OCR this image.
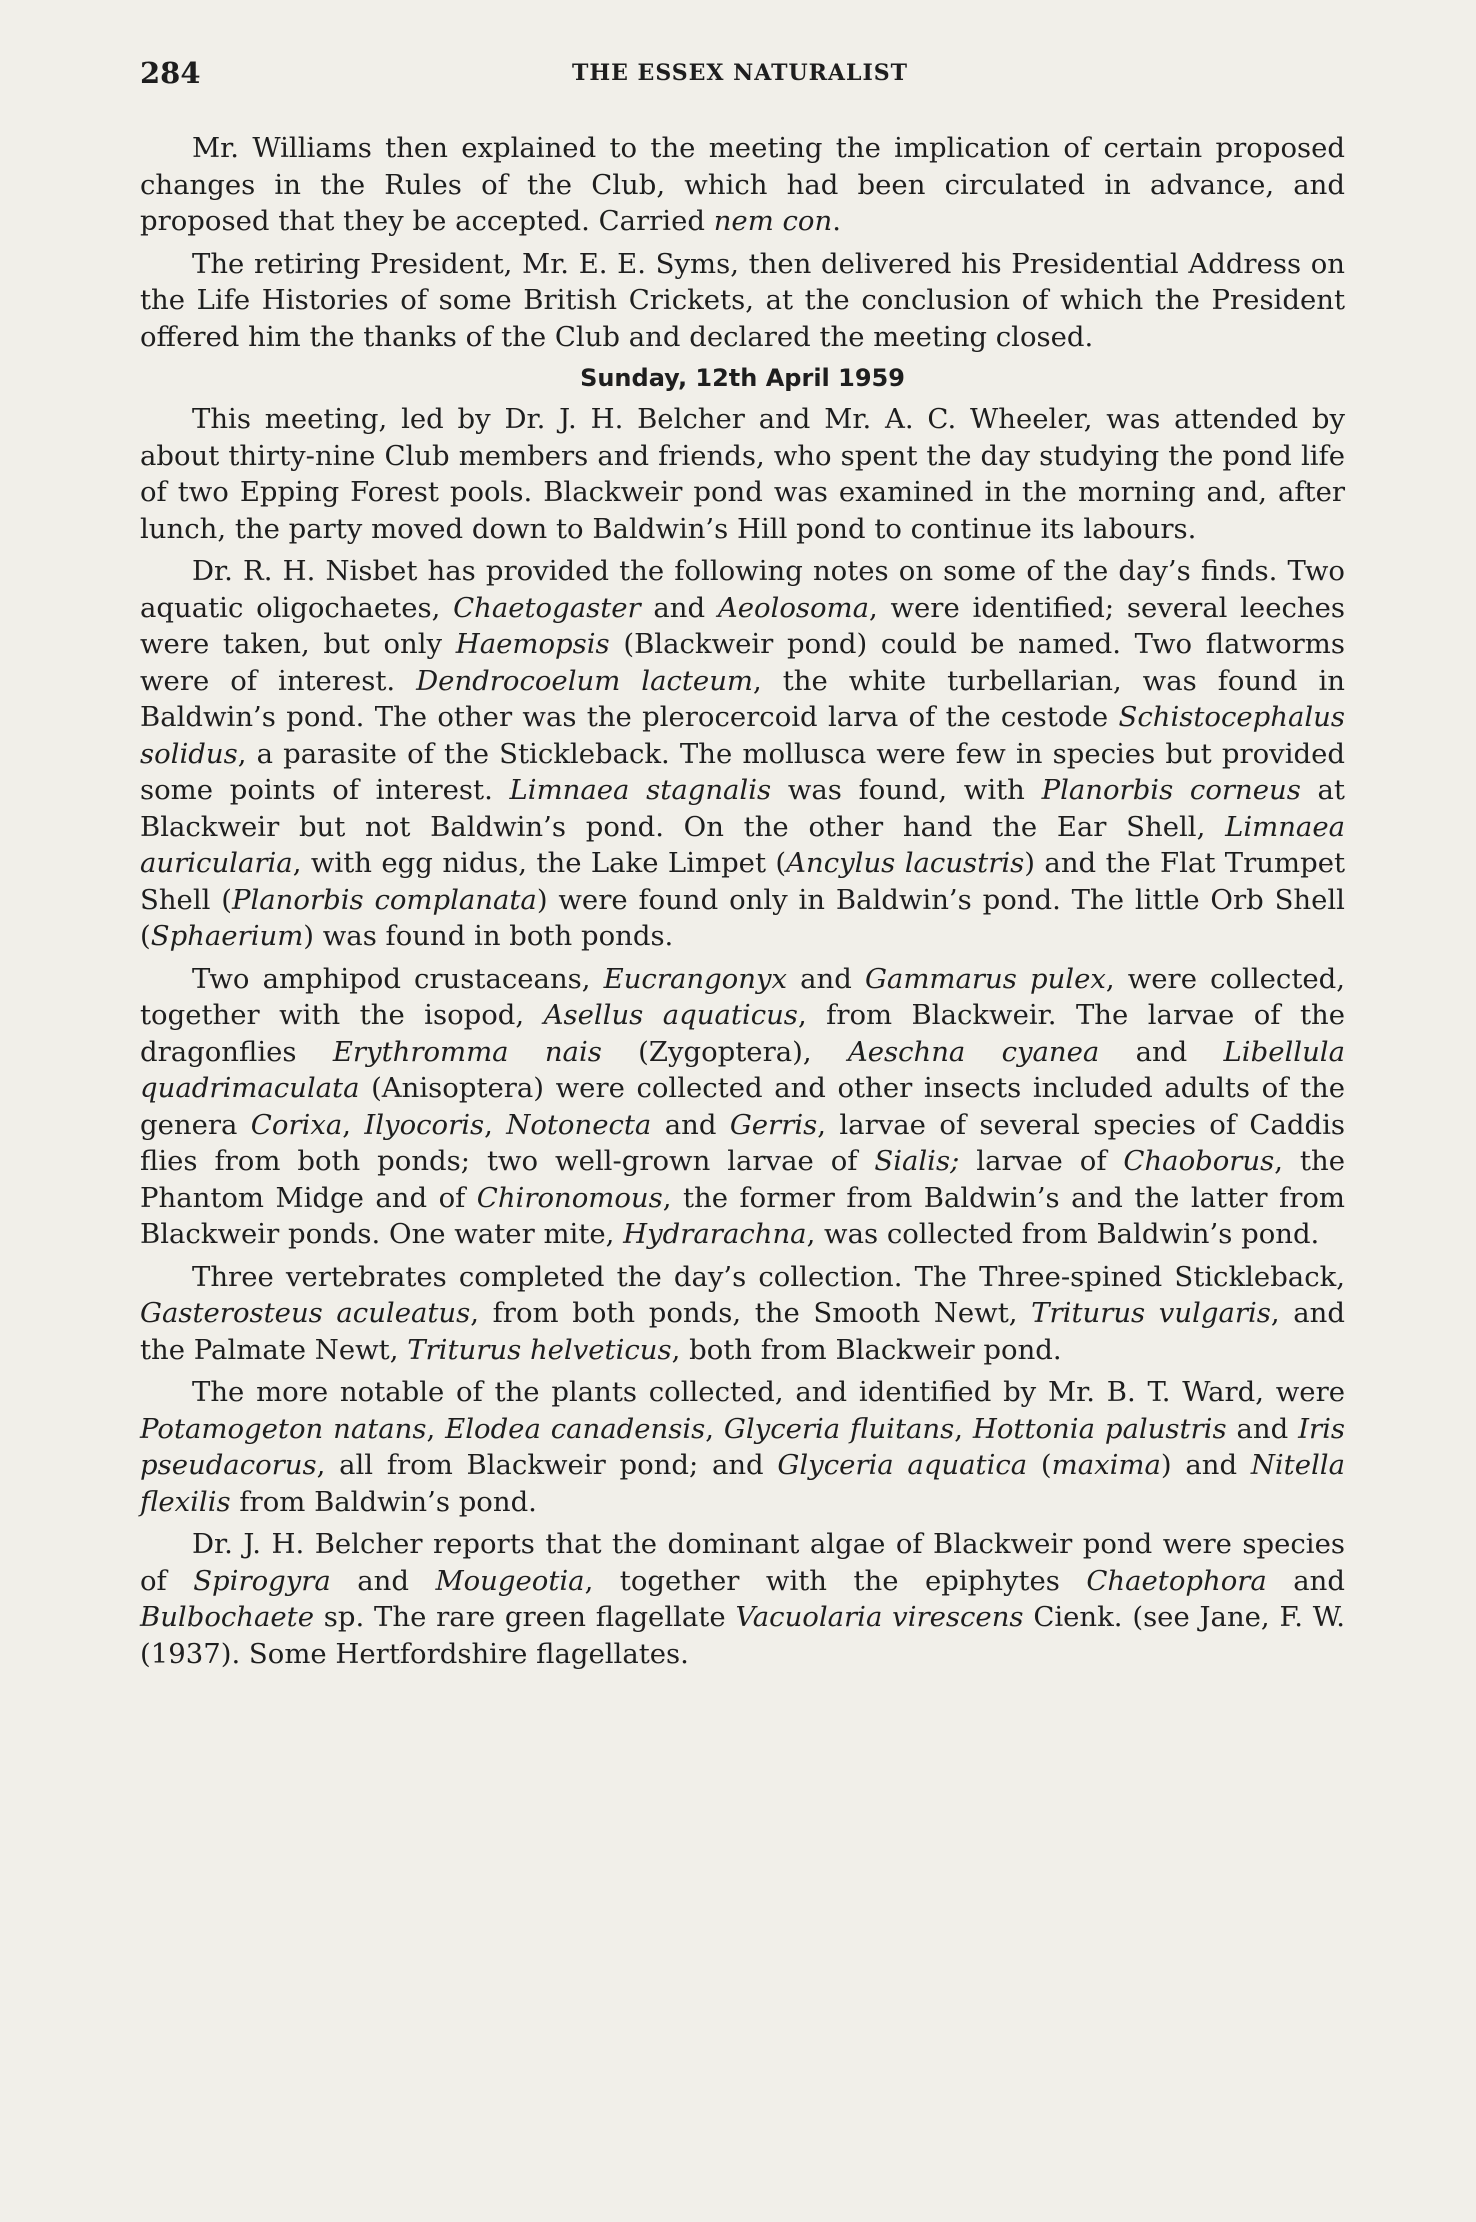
284	THE ESSEX NATURALIST

Mr. Williams then explained to the meeting the implication of certain proposed changes in the Rules of the Club, which had been circulated in advance, and proposed that they be accepted. Carried nem con.

The retiring President, Mr. E. E. Syms, then delivered his Presidential Address on the Life Histories of some British Crickets, at the conclusion of which the President offered him the thanks of the Club and declared the meeting closed.

Sunday, 12th April 1959

This meeting, led by Dr. J. H. Belcher and Mr. A. C. Wheeler, was attended by about thirty-nine Club members and friends, who spent the day studying the pond life of two Epping Forest pools. Blackweir pond was examined in the morning and, after lunch, the party moved down to Baldwin’s Hill pond to continue its labours.

Dr. R. H. Nisbet has provided the following notes on some of the day’s finds. Two aquatic oligochaetes, Chaetogaster and Aeolosoma, were identified; several leeches were taken, but only Haemopsis (Blackweir pond) could be named. Two flatworms were of interest. Dendrocoelum lacteum, the white turbellarian, was found in Baldwin’s pond. The other was the plerocercoid larva of the cestode Schistocephalus solidus, a parasite of the Stickleback. The mollusca were few in species but provided some points of interest. Limnaea stagnalis was found, with Planorbis corneus at Blackweir but not Baldwin’s pond. On the other hand the Ear Shell, Limnaea auricularia, with egg nidus, the Lake Limpet (Ancylus lacustris) and the Flat Trumpet Shell (Planorbis complanata) were found only in Baldwin’s pond. The little Orb Shell (Sphaerium) was found in both ponds.

Two amphipod crustaceans, Eucrangonyx and Gammarus pulex, were collected, together with the isopod, Asellus aquaticus, from Blackweir. The larvae of the dragonflies Erythromma nais (Zygoptera), Aeschna cyanea and Libellula quadrimaculata (Anisoptera) were collected and other insects included adults of the genera Corixa, Ilyocoris, Notonecta and Gerris, larvae of several species of Caddis flies from both ponds; two well-grown larvae of Sialis; larvae of Chaoborus, the Phantom Midge and of Chironomous, the former from Baldwin’s and the latter from Blackweir ponds. One water mite, Hydrarachna, was collected from Baldwin’s pond.

Three vertebrates completed the day’s collection. The Three-spined Stickleback, Gasterosteus aculeatus, from both ponds, the Smooth Newt, Triturus vulgaris, and the Palmate Newt, Triturus helveticus, both from Blackweir pond.

The more notable of the plants collected, and identified by Mr. B. T. Ward, were Potamogeton natans, Elodea canadensis, Glyceria fluitans, Hottonia palustris and Iris pseudacorus, all from Blackweir pond; and Glyceria aquatica (maxima) and Nitella flexilis from Baldwin’s pond.

Dr. J. H. Belcher reports that the dominant algae of Blackweir pond were species of Spirogyra and Mougeotia, together with the epiphytes Chaetophora and Bulbochaete sp. The rare green flagellate Vacuolaria virescens Cienk. (see Jane, F. W. (1937). Some Hertfordshire flagellates.
